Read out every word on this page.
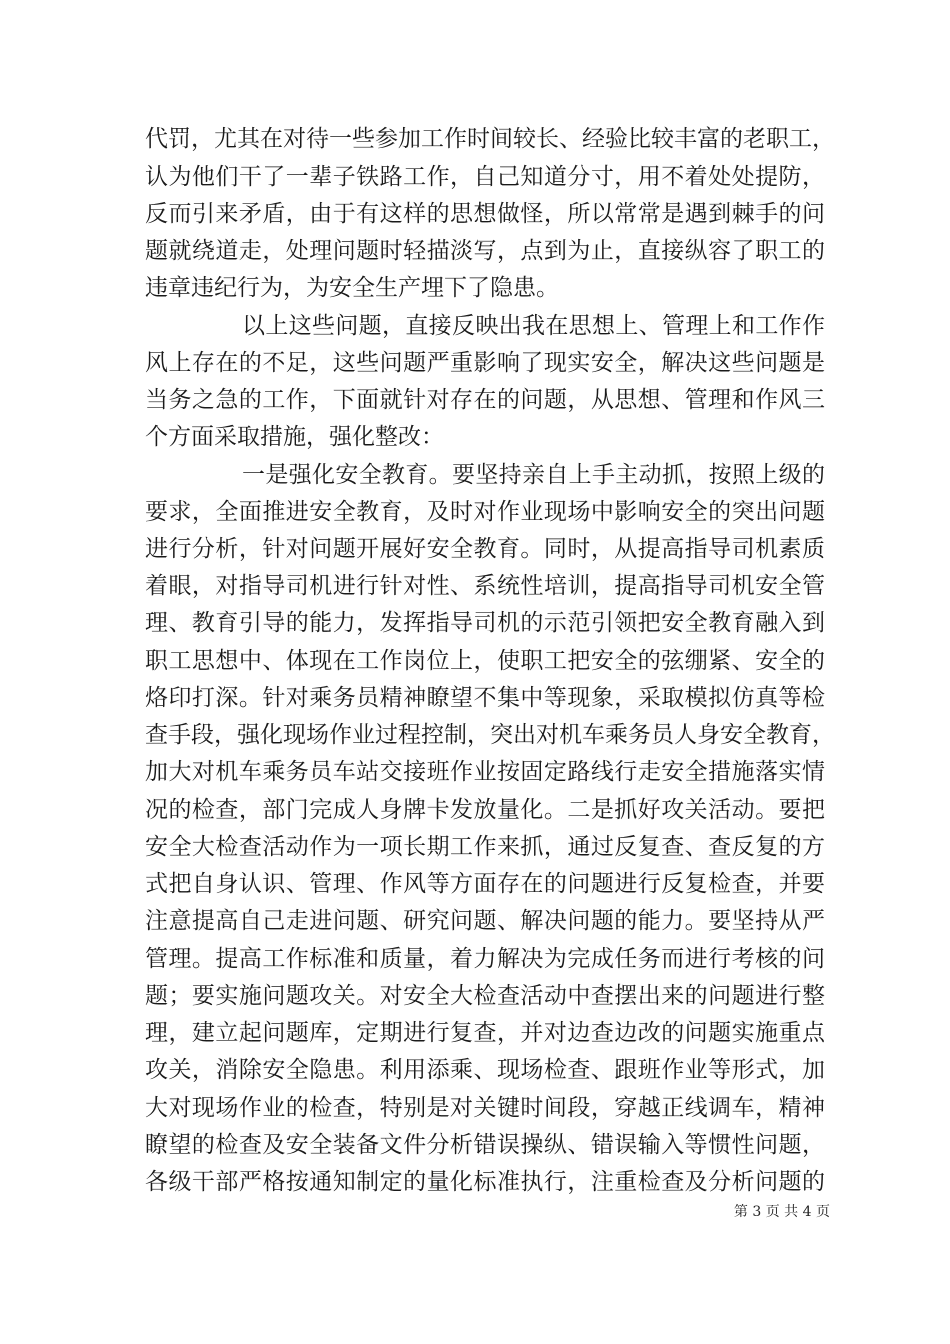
代罚，尤其在对待一些参加工作时间较长、经验比较丰富的老职工，
认为他们干了一辈子铁路工作，自己知道分寸，用不着处处提防，
反而引来矛盾，由于有这样的思想做怪，所以常常是遇到棘手的问
题就绕道走，处理问题时轻描淡写，点到为止，直接纵容了职工的
违章违纪行为，为安全生产埋下了隐患。
以上这些问题，直接反映出我在思想上、管理上和工作作
风上存在的不足，这些问题严重影响了现实安全，解决这些问题是
当务之急的工作，下面就针对存在的问题，从思想、管理和作风三
个方面采取措施，强化整改：
一是强化安全教育。要坚持亲自上手主动抓，按照上级的
要求，全面推进安全教育，及时对作业现场中影响安全的突出问题
进行分析，针对问题开展好安全教育。同时，从提高指导司机素质
着眼，对指导司机进行针对性、系统性培训，提高指导司机安全管
理、教育引导的能力，发挥指导司机的示范引领把安全教育融入到
职工思想中、体现在工作岗位上，使职工把安全的弦绷紧、安全的
烙印打深。针对乘务员精神瞭望不集中等现象，采取模拟仿真等检
查手段，强化现场作业过程控制，突出对机车乘务员人身安全教育，
加大对机车乘务员车站交接班作业按固定路线行走安全措施落实情
况的检查，部门完成人身牌卡发放量化。二是抓好攻关活动。要把
安全大检查活动作为一项长期工作来抓，通过反复查、查反复的方
式把自身认识、管理、作风等方面存在的问题进行反复检查，并要
注意提高自己走进问题、研究问题、解决问题的能力。要坚持从严
管理。提高工作标准和质量，着力解决为完成任务而进行考核的问
题；要实施问题攻关。对安全大检查活动中查摆出来的问题进行整
理，建立起问题库，定期进行复查，并对边查边改的问题实施重点
攻关，消除安全隐患。利用添乘、现场检查、跟班作业等形式，加
大对现场作业的检查，特别是对关键时间段，穿越正线调车，精神
瞭望的检查及安全装备文件分析错误操纵、错误输入等惯性问题，
各级干部严格按通知制定的量化标准执行，注重检查及分析问题的
第 3 页 共 4 页
